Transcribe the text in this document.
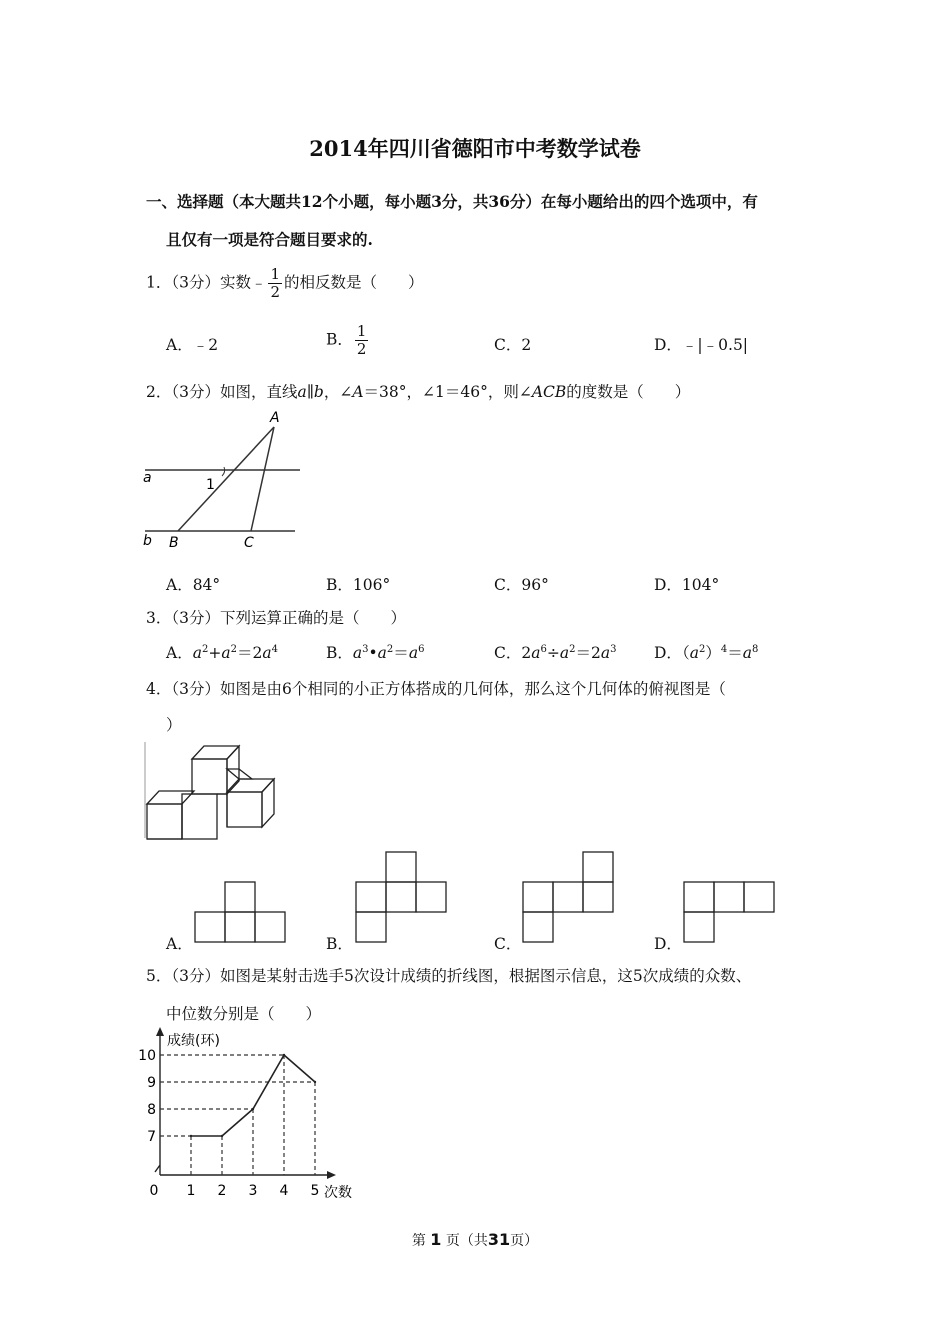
2014年四川省德阳市中考数学试卷
一、选择题（本大题共12个小题，每小题3分，共36分）在每小题给出的四个选项中，有
且仅有一项是符合题目要求的.
1．（3分）实数﹣ $\frac{1}{2}$ 的相反数是（　　）
A．﹣2	B． $\frac{1}{2}$	C．2	D．﹣|﹣0.5|
2．（3分）如图，直线a∥b，∠A＝38°，∠1＝46°，则∠ACB的度数是（　　）
a
b
A
B	C
1
A．84°	B．106°	C．96°	D．104°
3．（3分）下列运算正确的是（　　）
A．$a^2+a^2=2a^4$	B．$a^3•a^2=a^6$	C．$2a^6\div a^2=2a^3$ D．$(a^2)^4=a^8$
4．（3分）如图是由6个相同的小正方体搭成的几何体，那么这个几何体的俯视图是（
）
A．	B．	C．	D．
5．（3分）如图是某射击选手5次设计成绩的折线图，根据图示信息，这5次成绩的众数、
中位数分别是（　　）
成绩(环)
次数
7
8
9
10
0 1 2 3 4 5
第 1 页（共31页）
